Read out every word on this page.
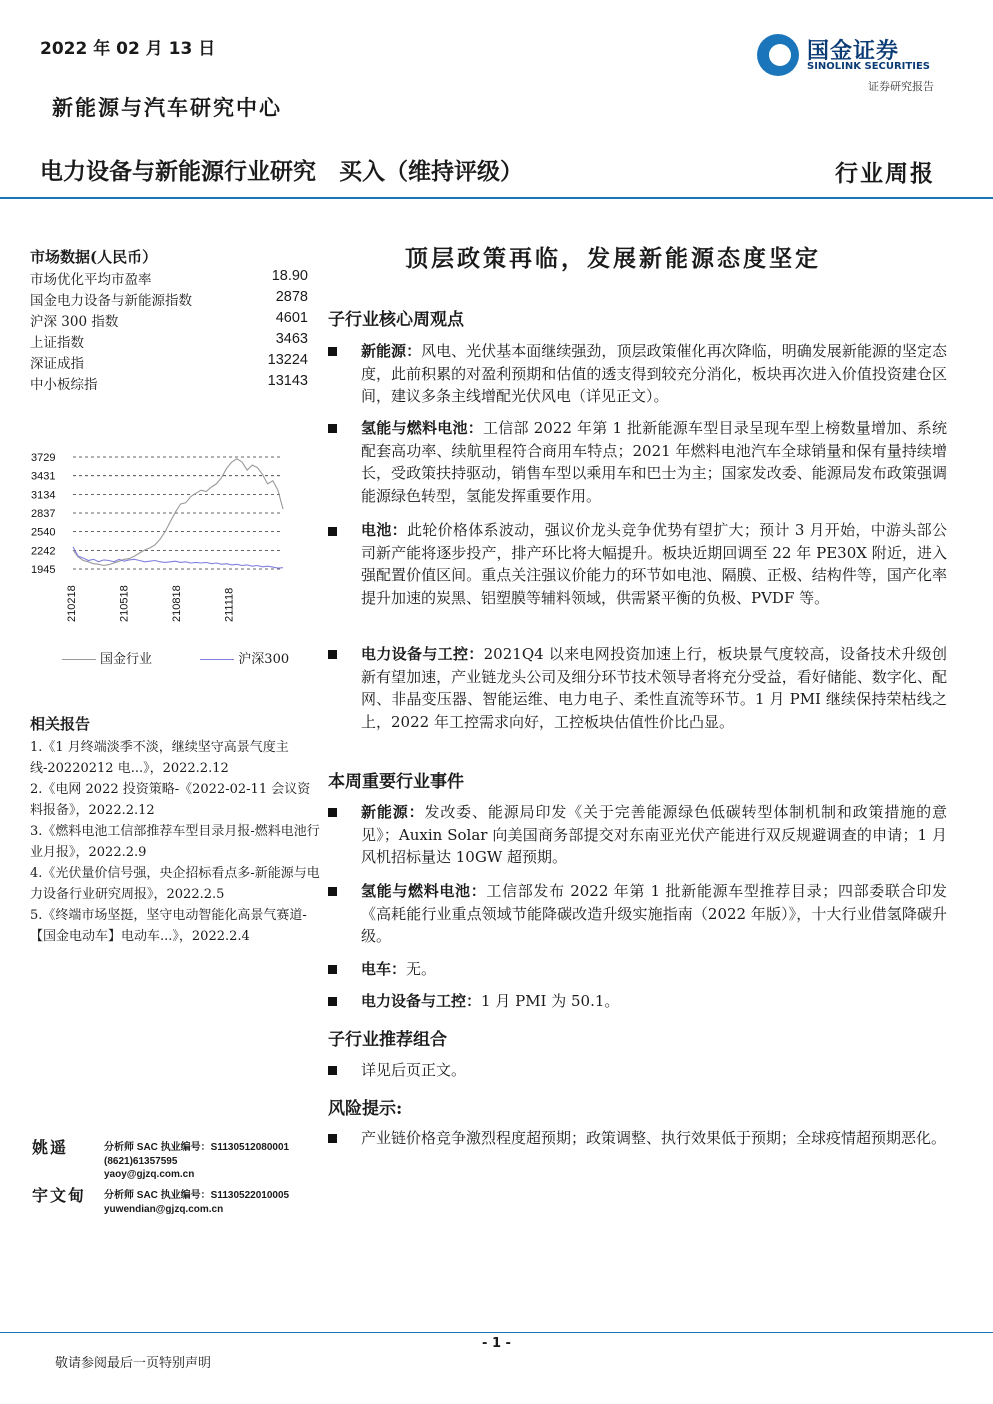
2022 年 02 月 13 日	国金证券
SINOLINK SECURITIES
证券研究报告
新能源与汽车研究中心
电力设备与新能源行业研究　买入（维持评级）	行业周报
市场数据(人民币）
市场优化平均市盈率	18.90
国金电力设备与新能源指数	2878
沪深 300 指数	4601
上证指数	3463
深证成指	13224
中小板综指	13143
3729
3431
3134
2837
2540
2242
1945
210218	210518	210818	211118
国金行业	沪深300
相关报告
1.《1 月终端淡季不淡，继续坚守高景气度主线-20220212 电...》，2022.2.12
2.《电网 2022 投资策略-《2022-02-11 会议资料报备》，2022.2.12
3.《燃料电池工信部推荐车型目录月报-燃料电池行业月报》，2022.2.9
4.《光伏量价信号强，央企招标看点多-新能源与电力设备行业研究周报》，2022.2.5
5.《终端市场坚挺，坚守电动智能化高景气赛道-【国金电动车】电动车...》，2022.2.4
姚遥	分析师 SAC 执业编号：S1130512080001
(8621)61357595
yaoy@gjzq.com.cn
宇文甸 分析师 SAC 执业编号：S1130522010005
yuwendian@gjzq.com.cn
顶层政策再临，发展新能源态度坚定
子行业核心周观点
新能源：风电、光伏基本面继续强劲，顶层政策催化再次降临，明确发展新能源的坚定态度，此前积累的对盈利预期和估值的透支得到较充分消化，板块再次进入价值投资建仓区间，建议多条主线增配光伏风电（详见正文）。
氢能与燃料电池：工信部 2022 年第 1 批新能源车型目录呈现车型上榜数量增加、系统配套高功率、续航里程符合商用车特点；2021 年燃料电池汽车全球销量和保有量持续增长，受政策扶持驱动，销售车型以乘用车和巴士为主；国家发改委、能源局发布政策强调能源绿色转型，氢能发挥重要作用。
电池：此轮价格体系波动，强议价龙头竞争优势有望扩大；预计 3 月开始，中游头部公司新产能将逐步投产，排产环比将大幅提升。板块近期回调至 22 年 PE30X 附近，进入强配置价值区间。重点关注强议价能力的环节如电池、隔膜、正极、结构件等，国产化率提升加速的炭黑、铝塑膜等辅料领域，供需紧平衡的负极、PVDF 等。
电力设备与工控：2021Q4 以来电网投资加速上行，板块景气度较高，设备技术升级创新有望加速，产业链龙头公司及细分环节技术领导者将充分受益，看好储能、数字化、配网、非晶变压器、智能运维、电力电子、柔性直流等环节。1 月 PMI 继续保持荣枯线之上，2022 年工控需求向好，工控板块估值性价比凸显。
本周重要行业事件
新能源：发改委、能源局印发《关于完善能源绿色低碳转型体制机制和政策措施的意见》；Auxin Solar 向美国商务部提交对东南亚光伏产能进行双反规避调查的申请；1 月风机招标量达 10GW 超预期。
氢能与燃料电池：工信部发布 2022 年第 1 批新能源车型推荐目录；四部委联合印发《高耗能行业重点领域节能降碳改造升级实施指南（2022 年版）》，十大行业借氢降碳升级。
电车：无。
电力设备与工控：1 月 PMI 为 50.1。
子行业推荐组合
详见后页正文。
风险提示:
产业链价格竞争激烈程度超预期；政策调整、执行效果低于预期；全球疫情超预期恶化。
- 1 -
敬请参阅最后一页特别声明
